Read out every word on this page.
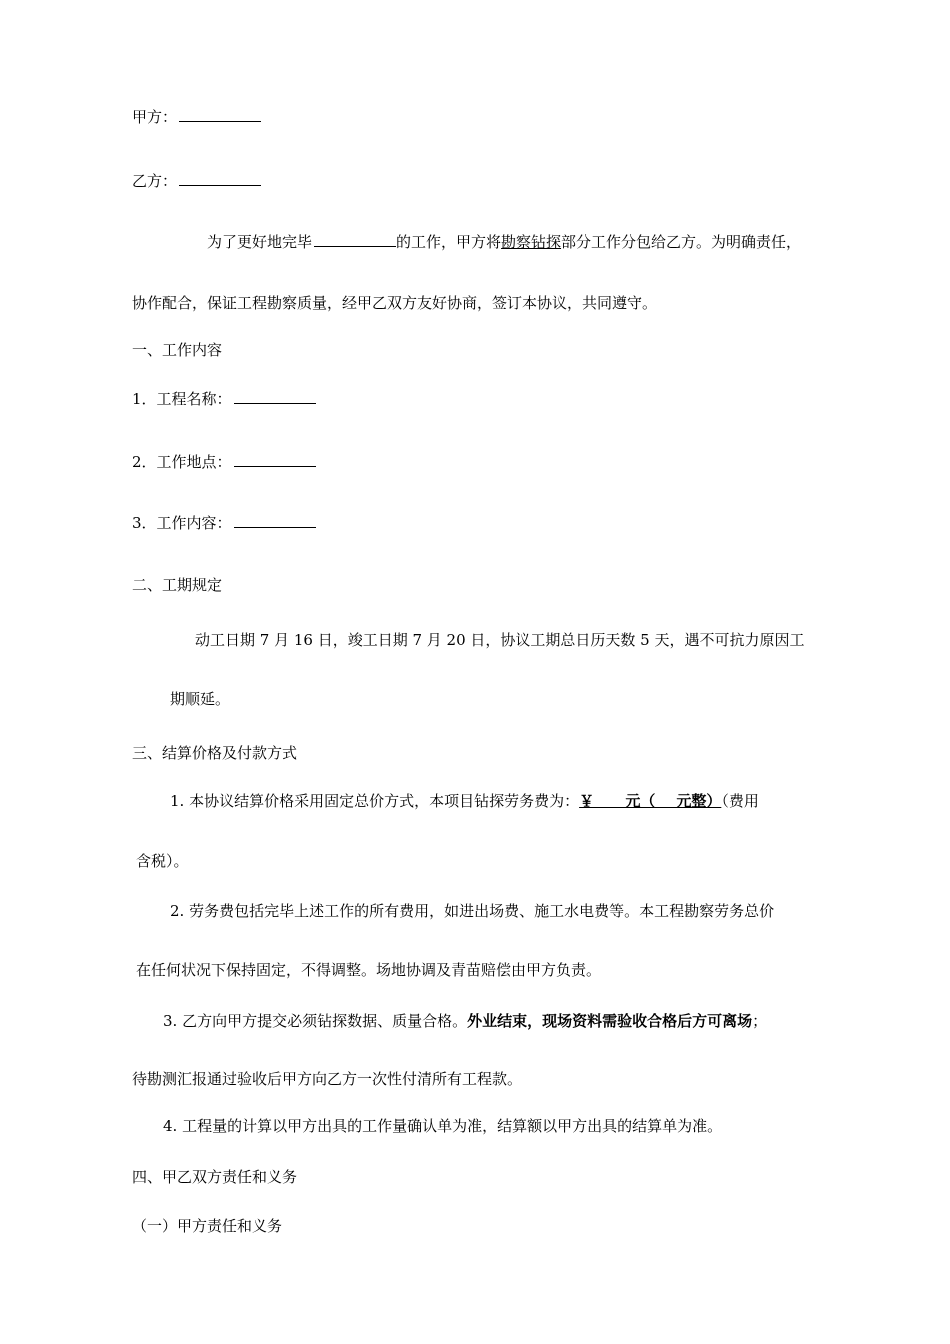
甲方：
乙方：
为了更好地完毕	的工作，甲方将勘察钻探部分工作分包给乙方。为明确责任，
协作配合，保证工程勘察质量，经甲乙双方友好协商，签订本协议，共同遵守。
一、工作内容
1．工程名称：
2．工作地点：
3．工作内容：
二、工期规定
动工日期 7 月 16 日，竣工日期 7 月 20 日，协议工期总日历天数 5 天，遇不可抗力原因工
期顺延。
三、结算价格及付款方式
1. 本协议结算价格采用固定总价方式，本项目钻探劳务费为：￥      元（    元整）（费用
含税）。
2. 劳务费包括完毕上述工作的所有费用，如进出场费、施工水电费等。本工程勘察劳务总价
在任何状况下保持固定，不得调整。场地协调及青苗赔偿由甲方负责。
3. 乙方向甲方提交必须钻探数据、质量合格。外业结束，现场资料需验收合格后方可离场；
待勘测汇报通过验收后甲方向乙方一次性付清所有工程款。
4. 工程量的计算以甲方出具的工作量确认单为准，结算额以甲方出具的结算单为准。
四、甲乙双方责任和义务
（一）甲方责任和义务
